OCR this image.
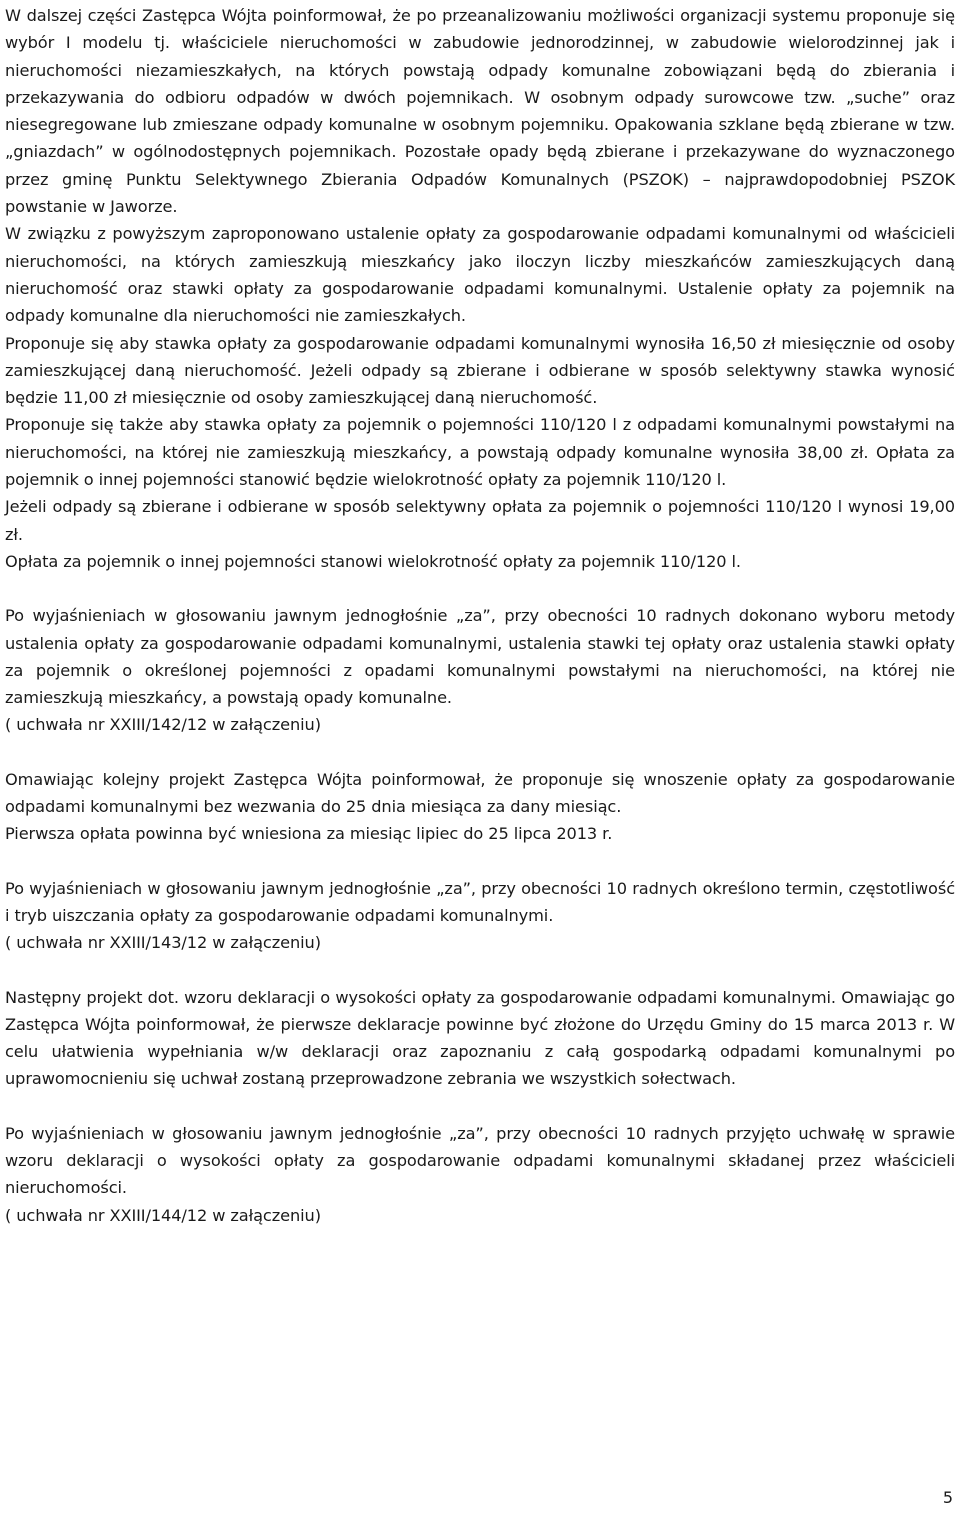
W dalszej części Zastępca Wójta poinformował, że po przeanalizowaniu możliwości organizacji systemu proponuje się wybór I modelu tj. właściciele nieruchomości w zabudowie jednorodzinnej, w zabudowie wielorodzinnej jak i nieruchomości niezamieszkałych, na których powstają odpady komunalne zobowiązani będą do zbierania i przekazywania do odbioru odpadów w dwóch pojemnikach. W osobnym odpady surowcowe tzw. „suche” oraz niesegregowane lub zmieszane odpady komunalne w osobnym pojemniku. Opakowania szklane będą zbierane w tzw. „gniazdach” w ogólnodostępnych pojemnikach. Pozostałe opady będą zbierane i przekazywane do wyznaczonego przez gminę Punktu Selektywnego Zbierania Odpadów Komunalnych (PSZOK) – najprawdopodobniej PSZOK powstanie w Jaworze.

W związku z powyższym zaproponowano ustalenie opłaty za gospodarowanie odpadami komunalnymi od właścicieli nieruchomości, na których zamieszkują mieszkańcy jako iloczyn liczby mieszkańców zamieszkujących daną nieruchomość oraz stawki opłaty za gospodarowanie odpadami komunalnymi. Ustalenie opłaty za pojemnik na odpady komunalne dla nieruchomości nie zamieszkałych.

Proponuje się aby stawka opłaty za gospodarowanie odpadami komunalnymi wynosiła 16,50 zł miesięcznie od osoby zamieszkującej daną nieruchomość. Jeżeli odpady są zbierane i odbierane w sposób selektywny stawka wynosić będzie 11,00 zł miesięcznie od osoby zamieszkującej daną nieruchomość.

Proponuje się także aby stawka opłaty za pojemnik o pojemności 110/120 l z odpadami komunalnymi powstałymi na nieruchomości, na której nie zamieszkują mieszkańcy, a powstają odpady komunalne wynosiła 38,00 zł. Opłata za pojemnik o innej pojemności stanowić będzie wielokrotność opłaty za pojemnik 110/120 l.

Jeżeli odpady są zbierane i odbierane w sposób selektywny opłata za pojemnik o pojemności 110/120 l wynosi 19,00 zł.

Opłata za pojemnik o innej pojemności stanowi wielokrotność opłaty za pojemnik 110/120 l.

Po wyjaśnieniach w głosowaniu jawnym jednogłośnie „za”, przy obecności 10 radnych dokonano wyboru metody ustalenia opłaty za gospodarowanie odpadami komunalnymi, ustalenia stawki tej opłaty oraz ustalenia stawki opłaty za pojemnik o określonej pojemności z opadami komunalnymi powstałymi na nieruchomości, na której nie zamieszkują mieszkańcy, a powstają opady komunalne.

( uchwała nr XXIII/142/12 w załączeniu)

Omawiając kolejny projekt Zastępca Wójta poinformował, że proponuje się wnoszenie opłaty za gospodarowanie odpadami komunalnymi bez wezwania do 25 dnia miesiąca za dany miesiąc.

Pierwsza opłata powinna być wniesiona za miesiąc lipiec do 25 lipca 2013 r.

Po wyjaśnieniach w głosowaniu jawnym jednogłośnie „za”, przy obecności 10 radnych określono termin, częstotliwość i tryb uiszczania opłaty za gospodarowanie odpadami komunalnymi.

( uchwała nr XXIII/143/12 w załączeniu)

Następny projekt dot. wzoru deklaracji o wysokości opłaty za gospodarowanie odpadami komunalnymi. Omawiając go Zastępca Wójta poinformował, że pierwsze deklaracje powinne być złożone do Urzędu Gminy do 15 marca 2013 r. W celu ułatwienia wypełniania w/w deklaracji oraz zapoznaniu z całą gospodarką odpadami komunalnymi po uprawomocnieniu się uchwał zostaną przeprowadzone zebrania we wszystkich sołectwach.

Po wyjaśnieniach w głosowaniu jawnym jednogłośnie „za”, przy obecności 10 radnych przyjęto uchwałę w sprawie wzoru deklaracji o wysokości opłaty za gospodarowanie odpadami komunalnymi składanej przez właścicieli nieruchomości.

( uchwała nr XXIII/144/12 w załączeniu)

5
